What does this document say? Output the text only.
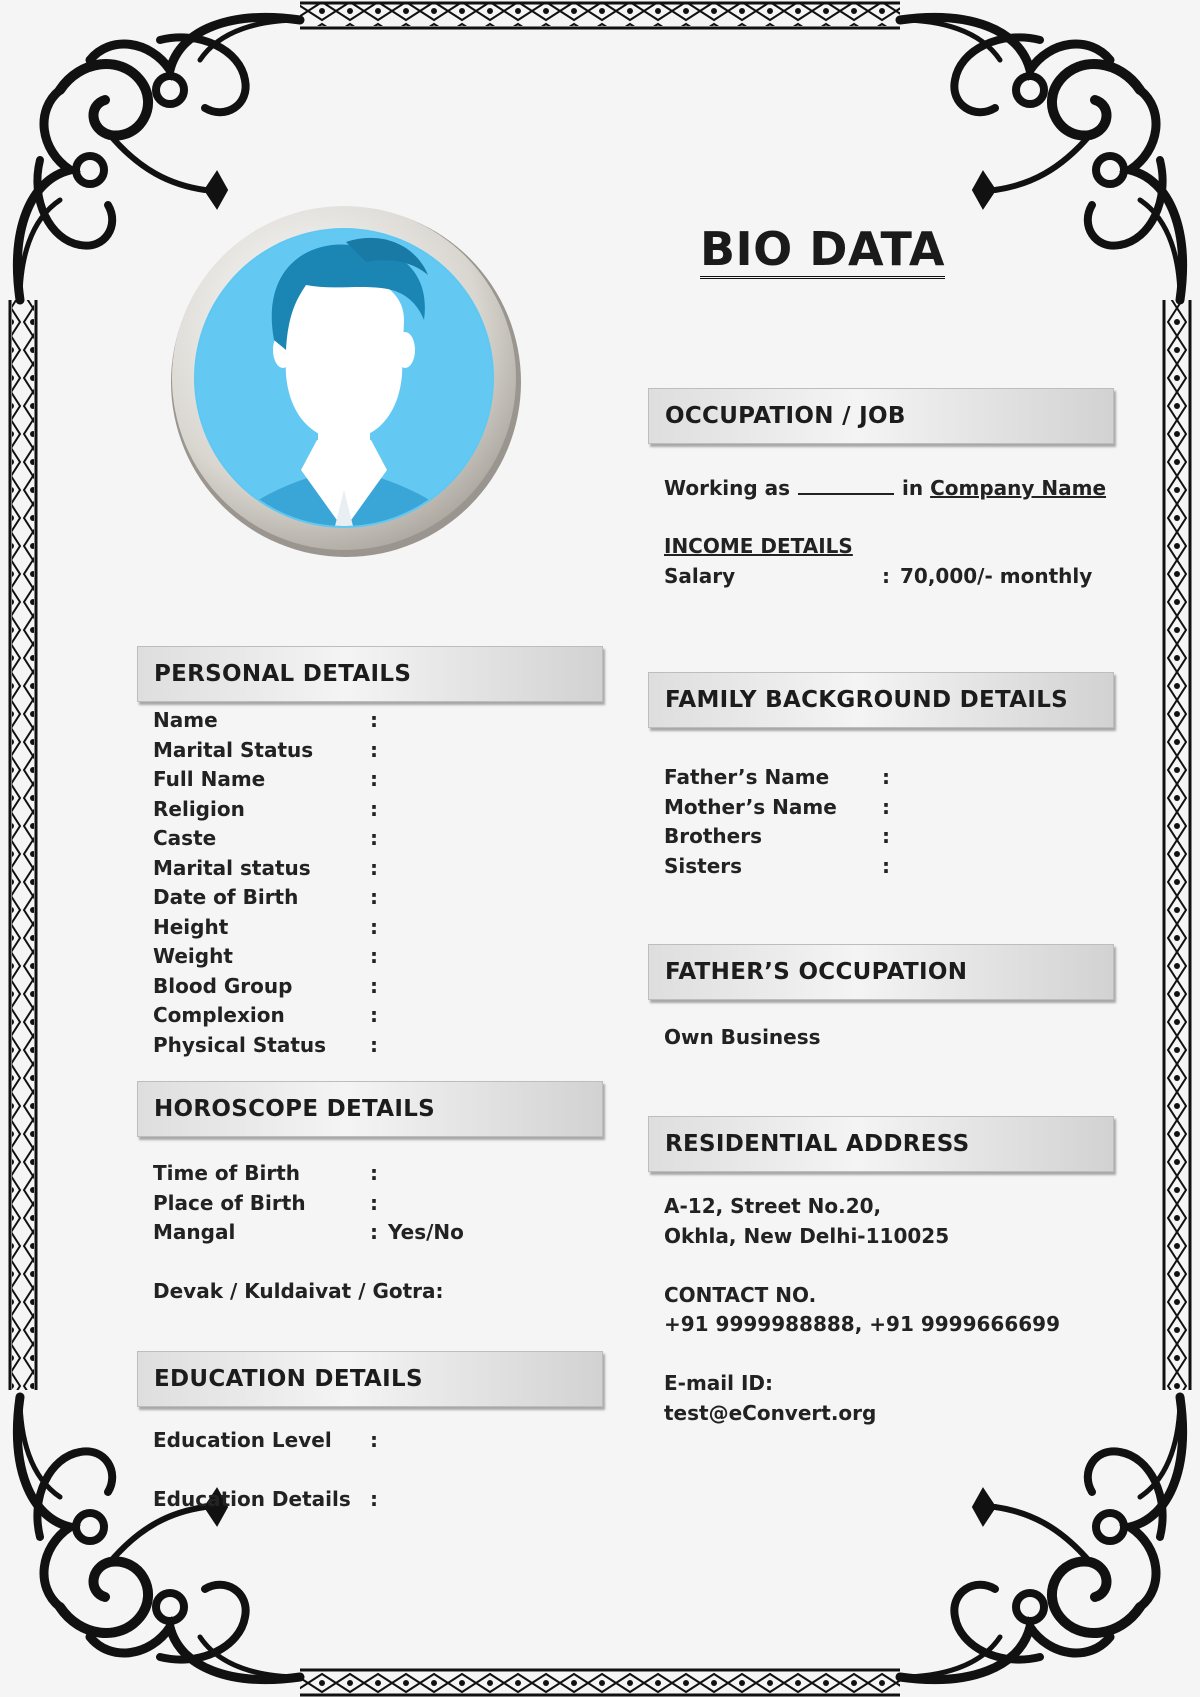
BIO DATA
PERSONAL DETAILS
Name	:
Marital Status	:
Full Name	:
Religion	:
Caste	:
Marital status	:
Date of Birth	:
Height	:
Weight	:
Blood Group	:
Complexion	:
Physical Status :
HOROSCOPE DETAILS
Time of Birth	:
Place of Birth	:
Mangal	: Yes/No
Devak / Kuldaivat / Gotra:
EDUCATION DETAILS
Education Level :
Education Details :
OCCUPATION / JOB
Working as	in Company Name
INCOME DETAILS
Salary	: 70,000/- monthly
FAMILY BACKGROUND DETAILS
Father’s Name	:
Mother’s Name :
Brothers	:
Sisters	:
FATHER’S OCCUPATION
Own Business
RESIDENTIAL ADDRESS
A-12, Street No.20,
Okhla, New Delhi-110025
CONTACT NO.
+91 9999988888, +91 9999666699
E-mail ID:
test@eConvert.org
